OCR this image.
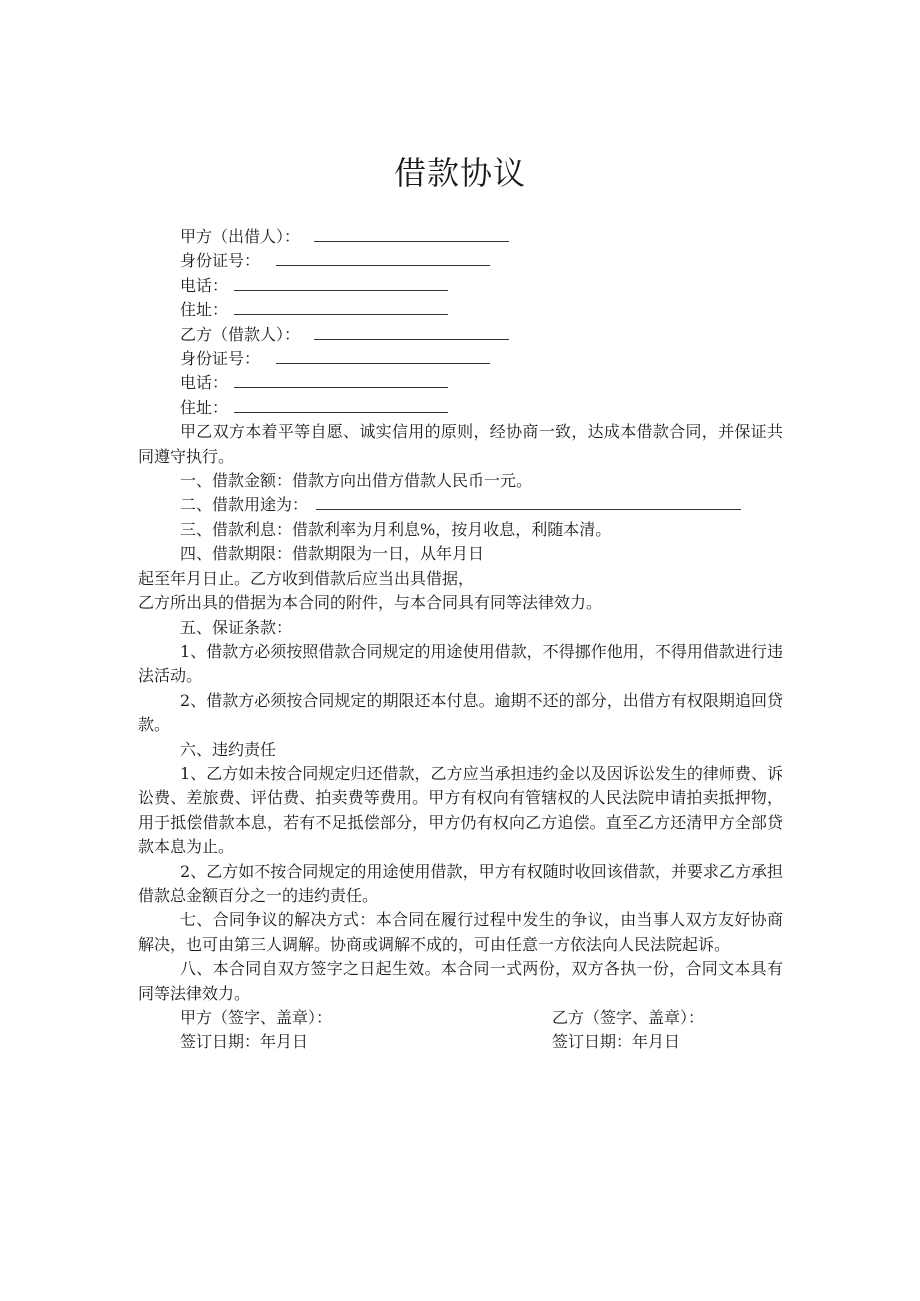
借款协议
甲方（出借人）：
身份证号：
电话：
住址：
乙方（借款人）：
身份证号：
电话：
住址：
甲乙双方本着平等自愿、诚实信用的原则，经协商一致，达成本借款合同，并保证共同遵守执行。
一、借款金额：借款方向出借方借款人民币一元。
二、借款用途为：
三、借款利息：借款利率为月利息%，按月收息，利随本清。
四、借款期限：借款期限为一日，从年月日
起至年月日止。乙方收到借款后应当出具借据，
乙方所出具的借据为本合同的附件，与本合同具有同等法律效力。
五、保证条款：
1、借款方必须按照借款合同规定的用途使用借款，不得挪作他用，不得用借款进行违法活动。
2、借款方必须按合同规定的期限还本付息。逾期不还的部分，出借方有权限期追回贷款。
六、违约责任
1、乙方如未按合同规定归还借款，乙方应当承担违约金以及因诉讼发生的律师费、诉讼费、差旅费、评估费、拍卖费等费用。甲方有权向有管辖权的人民法院申请拍卖抵押物，用于抵偿借款本息，若有不足抵偿部分，甲方仍有权向乙方追偿。直至乙方还清甲方全部贷款本息为止。
2、乙方如不按合同规定的用途使用借款，甲方有权随时收回该借款，并要求乙方承担借款总金额百分之一的违约责任。
七、合同争议的解决方式：本合同在履行过程中发生的争议，由当事人双方友好协商解决，也可由第三人调解。协商或调解不成的，可由任意一方依法向人民法院起诉。
八、本合同自双方签字之日起生效。本合同一式两份，双方各执一份，合同文本具有同等法律效力。
甲方（签字、盖章）：	乙方（签字、盖章）：
签订日期：年月日	签订日期：年月日
